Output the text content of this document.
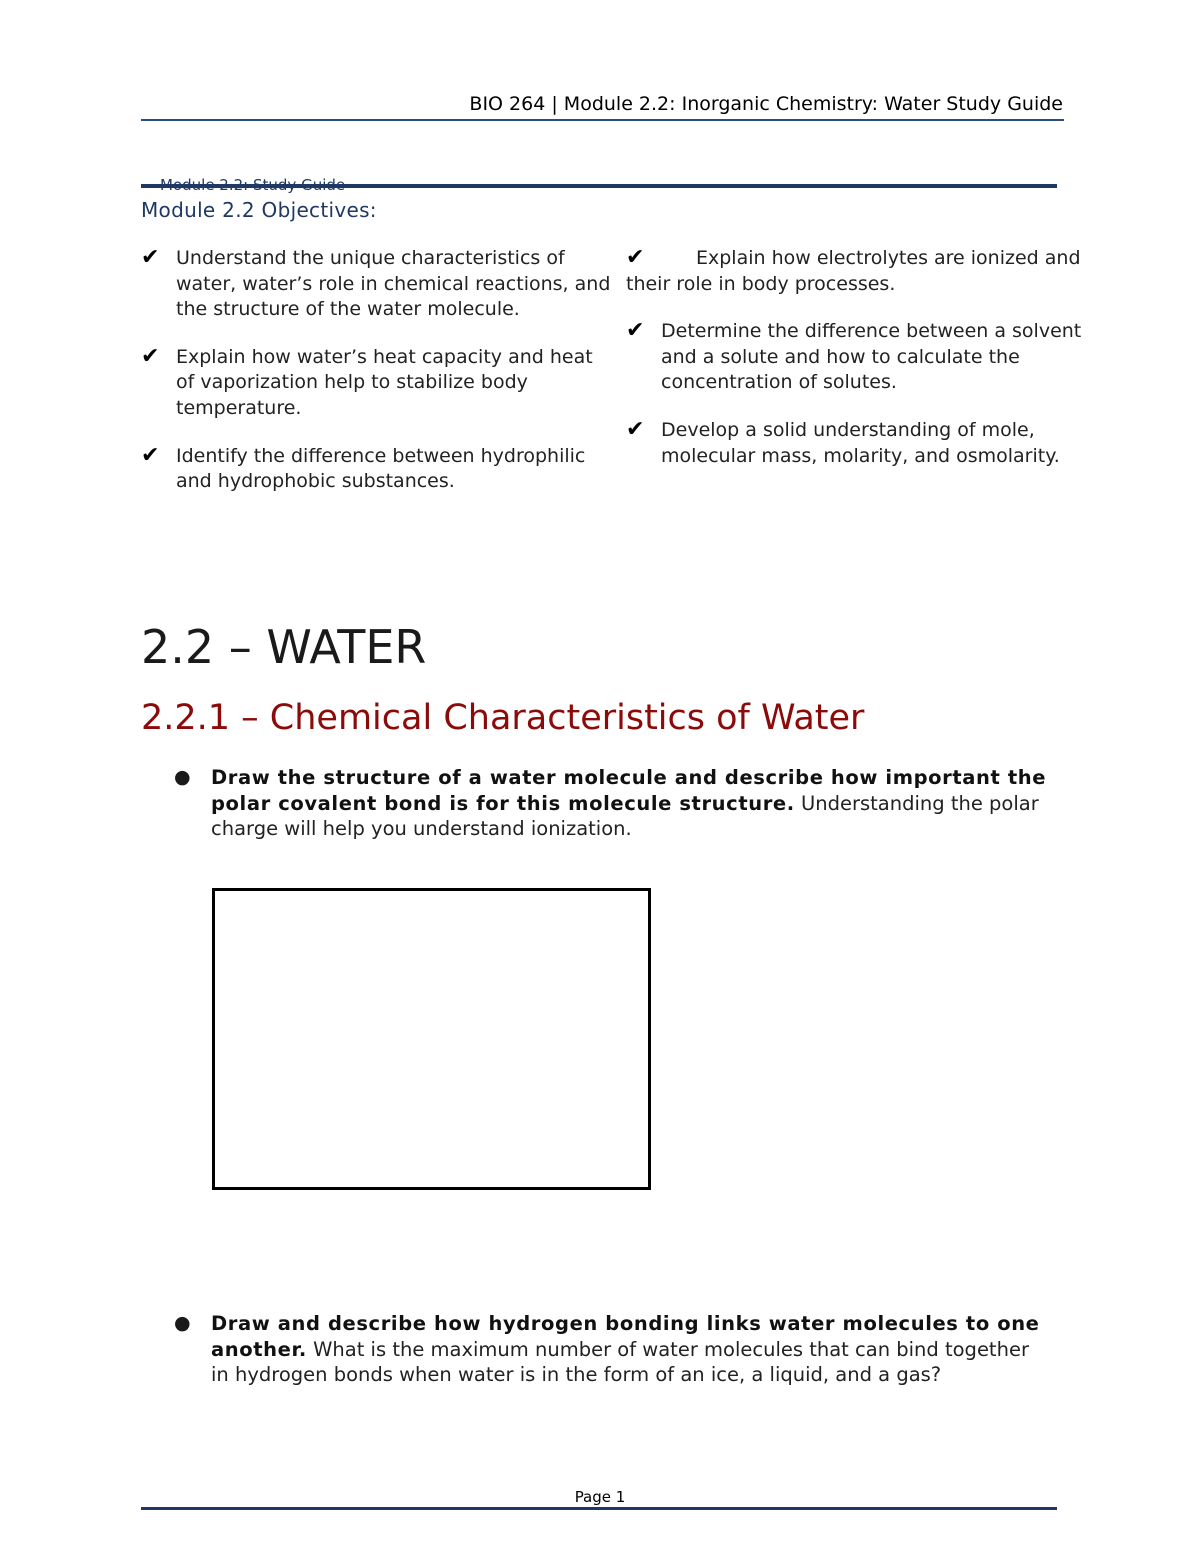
BIO 264 | Module 2.2: Inorganic Chemistry: Water Study Guide
Module 2.2 Objectives:
✔ Understand the unique characteristics of water, water’s role in chemical reactions, and the structure of the water molecule.
✔ Explain how water’s heat capacity and heat of vaporization help to stabilize body temperature.
✔ Identify the difference between hydrophilic and hydrophobic substances.
✔	Explain how electrolytes are ionized and their role in body processes.
✔ Determine the difference between a solvent and a solute and how to calculate the concentration of solutes.
✔ Develop a solid understanding of mole, molecular mass, molarity, and osmolarity.
2.2 – WATER
2.2.1 – Chemical Characteristics of Water
●	Draw the structure of a water molecule and describe how important the polar covalent bond is for this molecule structure. Understanding the polar charge will help you understand ionization.
●	Draw and describe how hydrogen bonding links water molecules to one another. What is the maximum number of water molecules that can bind together in hydrogen bonds when water is in the form of an ice, a liquid, and a gas?
Page 1
